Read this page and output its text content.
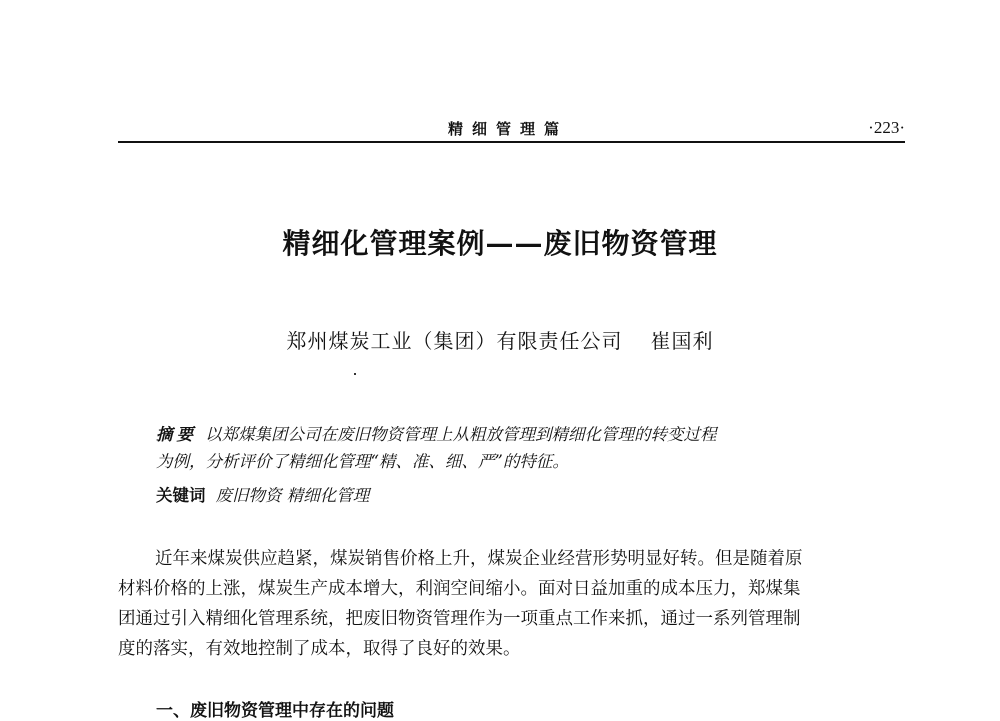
精细管理篇	·223·
精细化管理案例——废旧物资管理
郑州煤炭工业（集团）有限责任公司 崔国利
摘要 以郑煤集团公司在废旧物资管理上从粗放管理到精细化管理的转变过程
为例，分析评价了精细化管理“精、准、细、严”的特征。
关键词 废旧物资 精细化管理
近年来煤炭供应趋紧，煤炭销售价格上升，煤炭企业经营形势明显好转。但是随着原
材料价格的上涨，煤炭生产成本增大，利润空间缩小。面对日益加重的成本压力，郑煤集
团通过引入精细化管理系统，把废旧物资管理作为一项重点工作来抓，通过一系列管理制
度的落实，有效地控制了成本，取得了良好的效果。
一、废旧物资管理中存在的问题
